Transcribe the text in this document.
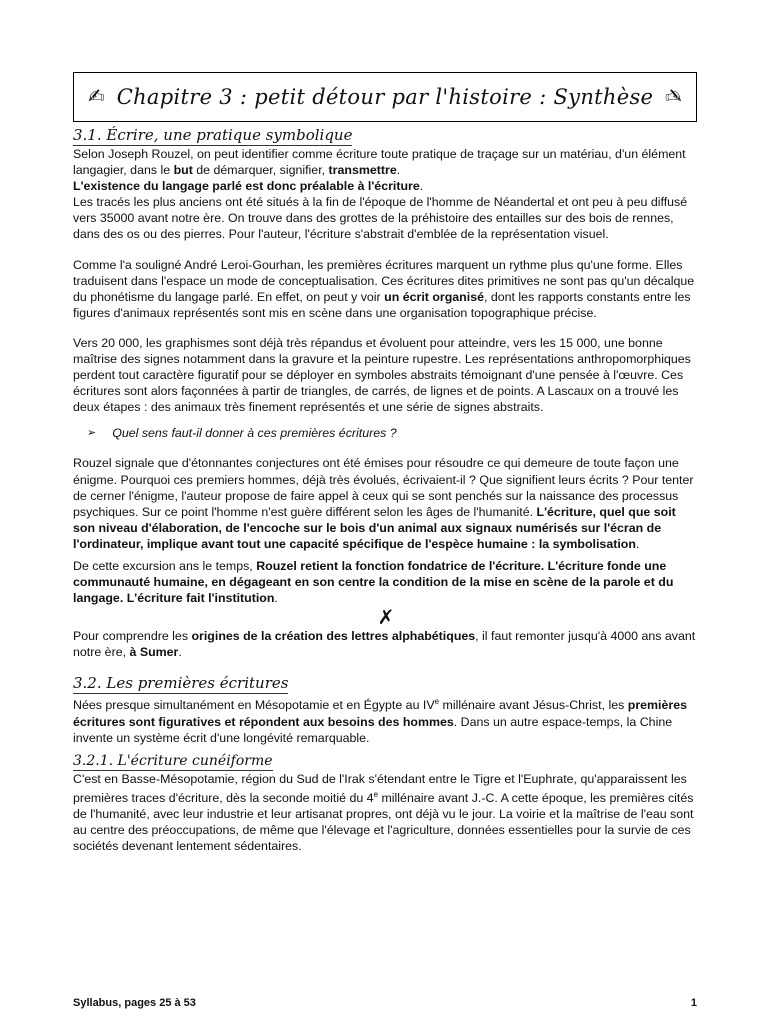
✍ Chapitre 3 : petit détour par l'histoire : Synthèse ✍
3.1. Écrire, une pratique symbolique

Selon Joseph Rouzel, on peut identifier comme écriture toute pratique de traçage sur un matériau, d'un élément langagier, dans le but de démarquer, signifier, transmettre.

L'existence du langage parlé est donc préalable à l'écriture.

Les tracés les plus anciens ont été situés à la fin de l'époque de l'homme de Néandertal et ont peu à peu diffusé vers 35000 avant notre ère. On trouve dans des grottes de la préhistoire des entailles sur des bois de rennes, dans des os ou des pierres. Pour l'auteur, l'écriture s'abstrait d'emblée de la représentation visuel.

Comme l'a souligné André Leroi-Gourhan, les premières écritures marquent un rythme plus qu'une forme. Elles traduisent dans l'espace un mode de conceptualisation. Ces écritures dites primitives ne sont pas qu'un décalque du phonétisme du langage parlé. En effet, on peut y voir un écrit organisé, dont les rapports constants entre les figures d'animaux représentés sont mis en scène dans une organisation topographique précise.

Vers 20 000, les graphismes sont déjà très répandus et évoluent pour atteindre, vers les 15 000, une bonne maîtrise des signes notamment dans la gravure et la peinture rupestre. Les représentations anthropomorphiques perdent tout caractère figuratif pour se déployer en symboles abstraits témoignant d'une pensée à l'œuvre. Ces écritures sont alors façonnées à partir de triangles, de carrés, de lignes et de points. A Lascaux on a trouvé les deux étapes : des animaux très finement représentés et une série de signes abstraits.

➢ Quel sens faut-il donner à ces premières écritures ?

Rouzel signale que d'étonnantes conjectures ont été émises pour résoudre ce qui demeure de toute façon une énigme. Pourquoi ces premiers hommes, déjà très évolués, écrivaient-il ? Que signifient leurs écrits ? Pour tenter de cerner l'énigme, l'auteur propose de faire appel à ceux qui se sont penchés sur la naissance des processus psychiques. Sur ce point l'homme n'est guère différent selon les âges de l'humanité. L'écriture, quel que soit son niveau d'élaboration, de l'encoche sur le bois d'un animal aux signaux numérisés sur l'écran de l'ordinateur, implique avant tout une capacité spécifique de l'espèce humaine : la symbolisation.

De cette excursion ans le temps, Rouzel retient la fonction fondatrice de l'écriture. L'écriture fonde une communauté humaine, en dégageant en son centre la condition de la mise en scène de la parole et du langage. L'écriture fait l'institution.

✗

Pour comprendre les origines de la création des lettres alphabétiques, il faut remonter jusqu'à 4000 ans avant notre ère, à Sumer.

3.2. Les premières écritures

Nées presque simultanément en Mésopotamie et en Égypte au IVe millénaire avant Jésus-Christ, les premières écritures sont figuratives et répondent aux besoins des hommes. Dans un autre espace-temps, la Chine invente un système écrit d'une longévité remarquable.

3.2.1. L'écriture cunéiforme

C'est en Basse-Mésopotamie, région du Sud de l'Irak s'étendant entre le Tigre et l'Euphrate, qu'apparaissent les premières traces d'écriture, dès la seconde moitié du 4e millénaire avant J.-C. A cette époque, les premières cités de l'humanité, avec leur industrie et leur artisanat propres, ont déjà vu le jour. La voirie et la maîtrise de l'eau sont au centre des préoccupations, de même que l'élevage et l'agriculture, données essentielles pour la survie de ces sociétés devenant lentement sédentaires.

Syllabus, pages 25 à 53	1
